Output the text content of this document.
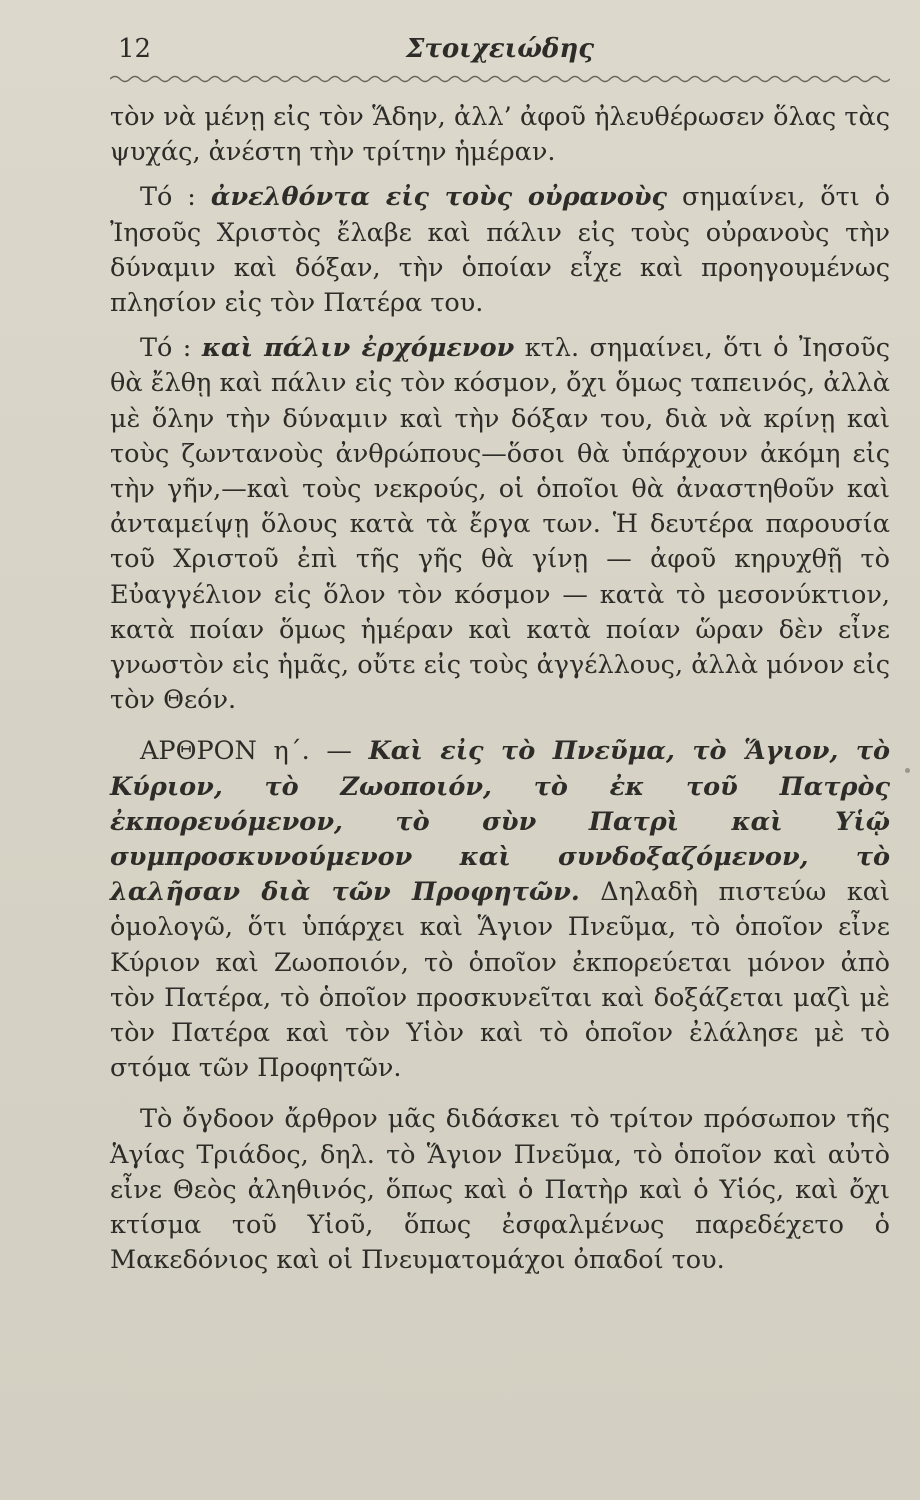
12	Στοιχειώδης

τὸν νὰ μένῃ εἰς τὸν Ἅδην, ἀλλ’ ἀφοῦ ἠλευθέρωσεν ὅλας τὰς ψυχάς, ἀνέστη τὴν τρίτην ἡμέραν.

Τό : ἀνελθόντα εἰς τοὺς οὐρανοὺς σημαίνει, ὅτι ὁ Ἰησοῦς Χριστὸς ἔλαβε καὶ πάλιν εἰς τοὺς οὐρανοὺς τὴν δύναμιν καὶ δόξαν, τὴν ὁποίαν εἶχε καὶ προηγουμένως πλησίον εἰς τὸν Πατέρα του.

Τό : καὶ πάλιν ἐρχόμενον κτλ. σημαίνει, ὅτι ὁ Ἰησοῦς θὰ ἔλθῃ καὶ πάλιν εἰς τὸν κόσμον, ὄχι ὅμως ταπεινός, ἀλλὰ μὲ ὅλην τὴν δύναμιν καὶ τὴν δόξαν του, διὰ νὰ κρίνῃ καὶ τοὺς ζωντανοὺς ἀνθρώπους—ὅσοι θὰ ὑπάρχουν ἀκόμη εἰς τὴν γῆν,—καὶ τοὺς νεκρούς, οἱ ὁποῖοι θὰ ἀναστηθοῦν καὶ ἀνταμείψῃ ὅλους κατὰ τὰ ἔργα των. Ἡ δευτέρα παρουσία τοῦ Χριστοῦ ἐπὶ τῆς γῆς θὰ γίνῃ — ἀφοῦ κηρυχθῇ τὸ Εὐαγγέλιον εἰς ὅλον τὸν κόσμον — κατὰ τὸ μεσονύκτιον, κατὰ ποίαν ὅμως ἡμέραν καὶ κατὰ ποίαν ὥραν δὲν εἶνε γνωστὸν εἰς ἡμᾶς, οὔτε εἰς τοὺς ἀγγέλλους, ἀλλὰ μόνον εἰς τὸν Θεόν.

ΑΡΘΡΟΝ η΄. — Καὶ εἰς τὸ Πνεῦμα, τὸ Ἅγιον, τὸ Κύριον, τὸ Ζωοποιόν, τὸ ἐκ τοῦ Πατρὸς ἐκπορευόμενον, τὸ σὺν Πατρὶ καὶ Υἱῷ συμπροσκυνούμενον καὶ συνδοξαζόμενον, τὸ λαλῆσαν διὰ τῶν Προφητῶν. Δηλαδὴ πιστεύω καὶ ὁμολογῶ, ὅτι ὑπάρχει καὶ Ἅγιον Πνεῦμα, τὸ ὁποῖον εἶνε Κύριον καὶ Ζωοποιόν, τὸ ὁποῖον ἐκπορεύεται μόνον ἀπὸ τὸν Πατέρα, τὸ ὁποῖον προσκυνεῖται καὶ δοξάζεται μαζὶ μὲ τὸν Πατέρα καὶ τὸν Υἱὸν καὶ τὸ ὁποῖον ἐλάλησε μὲ τὸ στόμα τῶν Προφητῶν.

Τὸ ὄγδοον ἄρθρον μᾶς διδάσκει τὸ τρίτον πρόσωπον τῆς Ἁγίας Τριάδος, δηλ. τὸ Ἅγιον Πνεῦμα, τὸ ὁποῖον καὶ αὐτὸ εἶνε Θεὸς ἀληθινός, ὅπως καὶ ὁ Πατὴρ καὶ ὁ Υἱός, καὶ ὄχι κτίσμα τοῦ Υἱοῦ, ὅπως ἐσφαλμένως παρεδέχετο ὁ Μακεδόνιος καὶ οἱ Πνευματομάχοι ὀπαδοί του.
